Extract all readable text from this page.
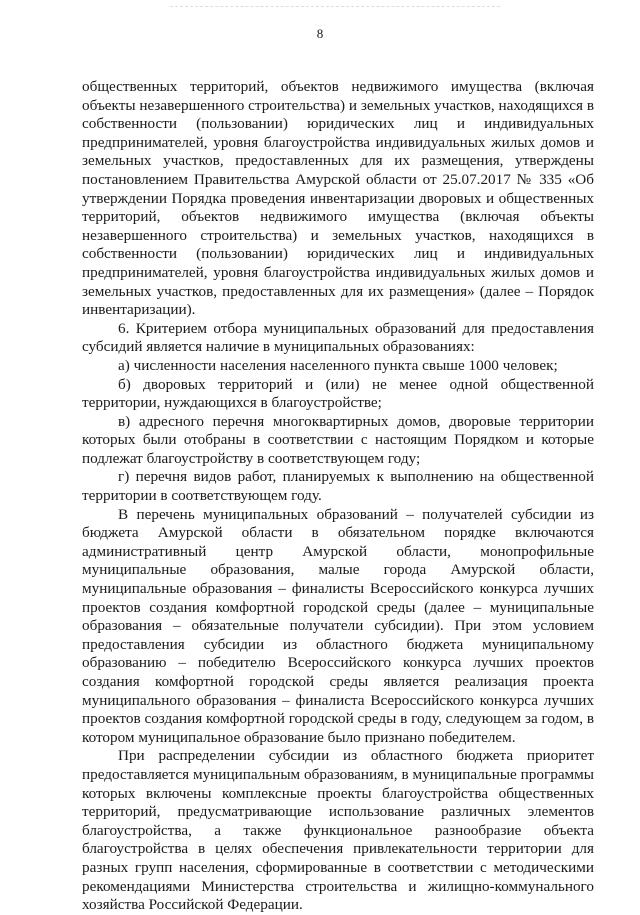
8

общественных территорий, объектов недвижимого имущества (включая объекты незавершенного строительства) и земельных участков, находящихся в собственности (пользовании) юридических лиц и индивидуальных предпринимателей, уровня благоустройства индивидуальных жилых домов и земельных участков, предоставленных для их размещения, утверждены постановлением Правительства Амурской области от 25.07.2017 № 335 «Об утверждении Порядка проведения инвентаризации дворовых и общественных территорий, объектов недвижимого имущества (включая объекты незавершенного строительства) и земельных участков, находящихся в собственности (пользовании) юридических лиц и индивидуальных предпринимателей, уровня благоустройства индивидуальных жилых домов и земельных участков, предоставленных для их размещения» (далее – Порядок инвентаризации).

6. Критерием отбора муниципальных образований для предоставления субсидий является наличие в муниципальных образованиях:

а) численности населения населенного пункта свыше 1000 человек;

б) дворовых территорий и (или) не менее одной общественной территории, нуждающихся в благоустройстве;

в) адресного перечня многоквартирных домов, дворовые территории которых были отобраны в соответствии с настоящим Порядком и которые подлежат благоустройству в соответствующем году;

г) перечня видов работ, планируемых к выполнению на общественной территории в соответствующем году.

В перечень муниципальных образований – получателей субсидии из бюджета Амурской области в обязательном порядке включаются административный центр Амурской области, монопрофильные муниципальные образования, малые города Амурской области, муниципальные образования – финалисты Всероссийского конкурса лучших проектов создания комфортной городской среды (далее – муниципальные образования – обязательные получатели субсидии). При этом условием предоставления субсидии из областного бюджета муниципальному образованию – победителю Всероссийского конкурса лучших проектов создания комфортной городской среды является реализация проекта муниципального образования – финалиста Всероссийского конкурса лучших проектов создания комфортной городской среды в году, следующем за годом, в котором муниципальное образование было признано победителем.

При распределении субсидии из областного бюджета приоритет предоставляется муниципальным образованиям, в муниципальные программы которых включены комплексные проекты благоустройства общественных территорий, предусматривающие использование различных элементов благоустройства, а также функциональное разнообразие объекта благоустройства в целях обеспечения привлекательности территории для разных групп населения, сформированные в соответствии с методическими рекомендациями Министерства строительства и жилищно-коммунального хозяйства Российской Федерации.
